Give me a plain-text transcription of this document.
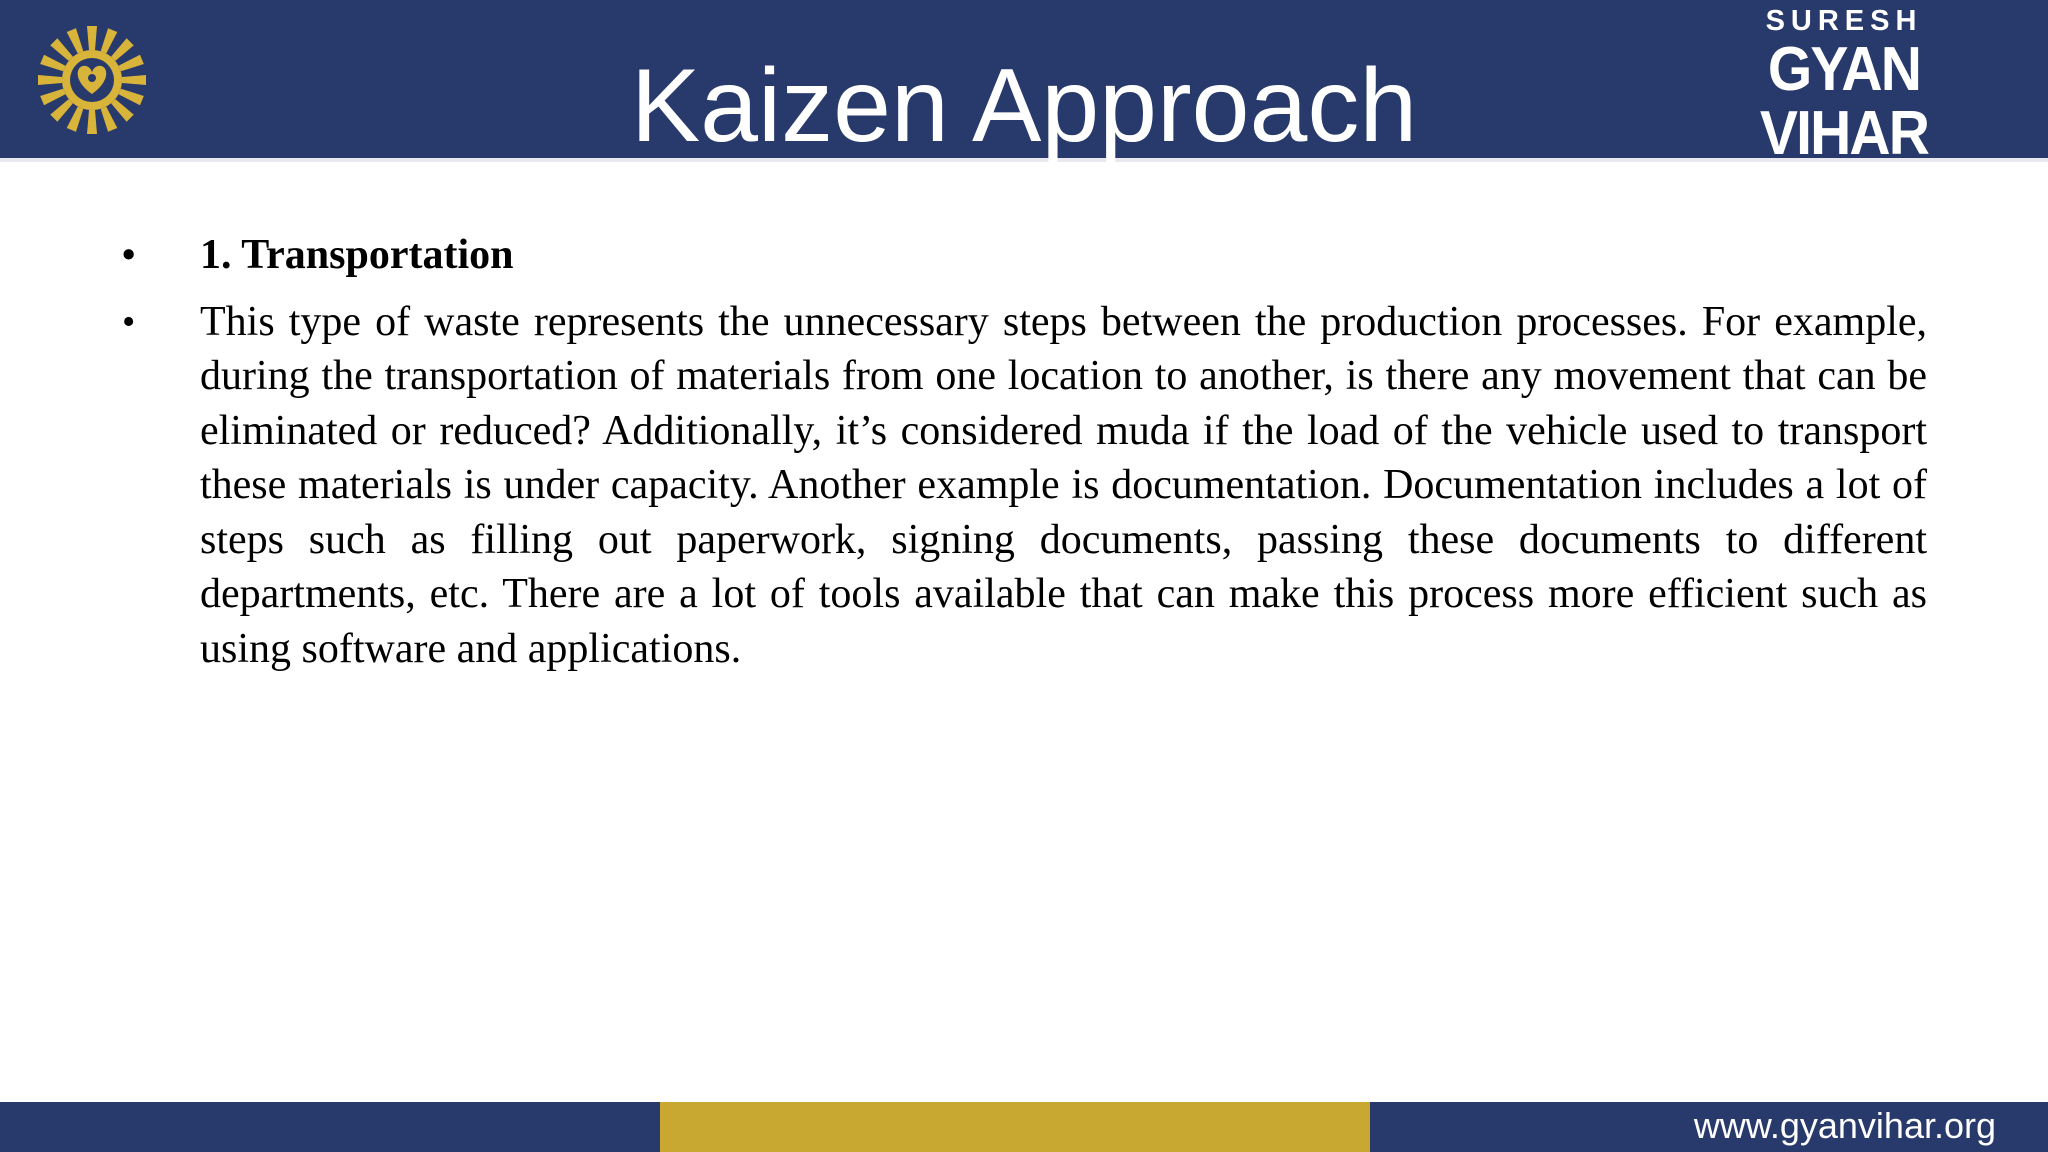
Kaizen Approach
SURESH
GYAN VIHAR
UNIVERSITY
Accredited by NAAC with 'A' Grade
•	1. Transportation

•	This type of waste represents the unnecessary steps between the production processes. For example, during the transportation of materials from one location to another, is there any movement that can be eliminated or reduced? Additionally, it’s considered muda if the load of the vehicle used to transport these materials is under capacity. Another example is documentation. Documentation includes a lot of steps such as filling out paperwork, signing documents, passing these documents to different departments, etc. There are a lot of tools available that can make this process more efficient such as using software and applications.

www.gyanvihar.org
